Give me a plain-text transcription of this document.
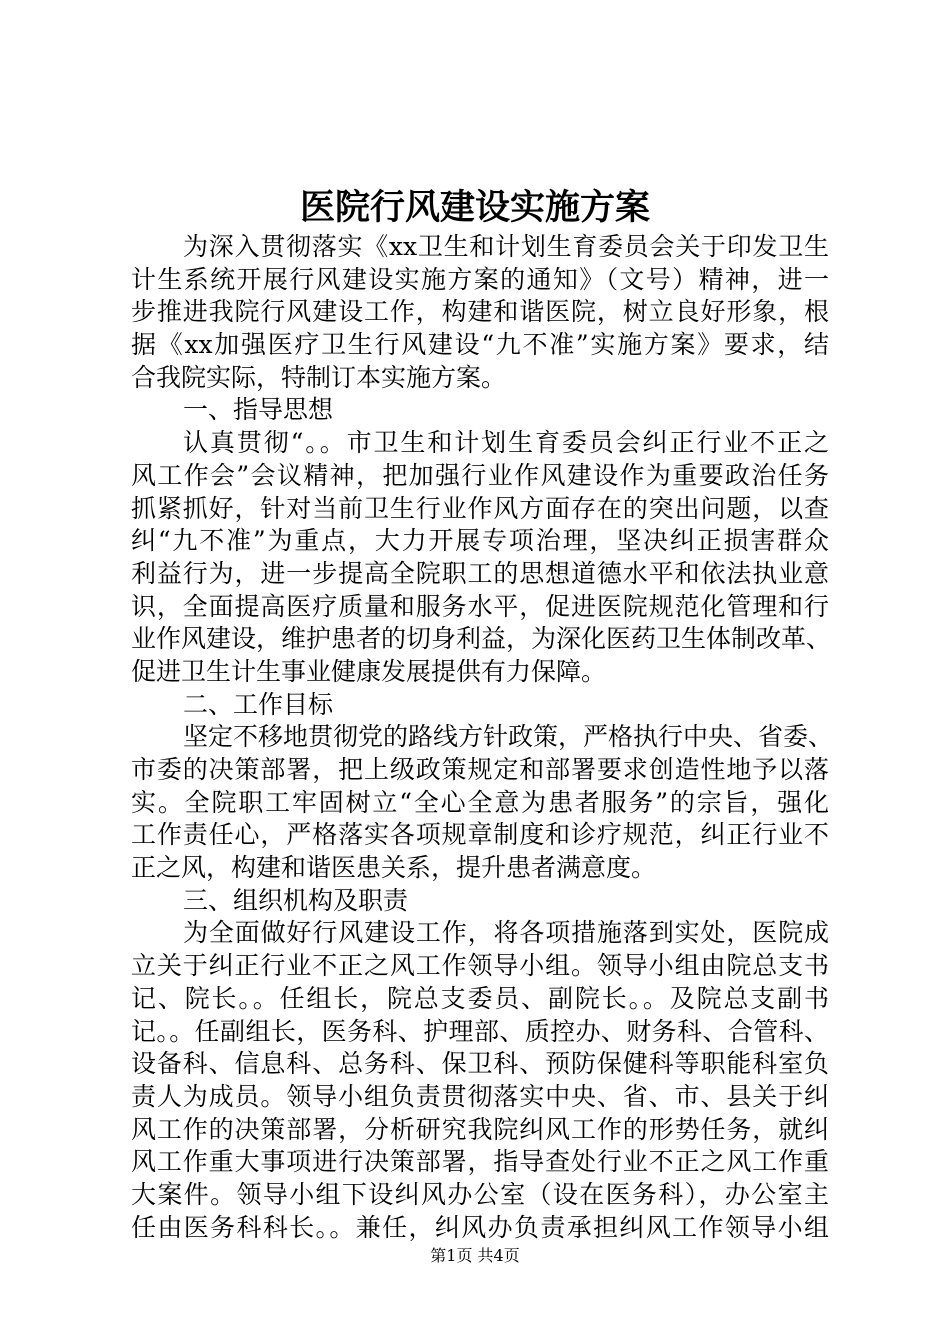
医院行风建设实施方案
为深入贯彻落实《xx卫生和计划生育委员会关于印发卫生
计生系统开展行风建设实施方案的通知》（文号）精神，进一
步推进我院行风建设工作，构建和谐医院，树立良好形象，根
据《xx加强医疗卫生行风建设“九不准”实施方案》要求，结
合我院实际，特制订本实施方案。
一、指导思想
认真贯彻“。。市卫生和计划生育委员会纠正行业不正之
风工作会”会议精神，把加强行业作风建设作为重要政治任务
抓紧抓好，针对当前卫生行业作风方面存在的突出问题，以查
纠“九不准”为重点，大力开展专项治理，坚决纠正损害群众
利益行为，进一步提高全院职工的思想道德水平和依法执业意
识，全面提高医疗质量和服务水平，促进医院规范化管理和行
业作风建设，维护患者的切身利益，为深化医药卫生体制改革、
促进卫生计生事业健康发展提供有力保障。
二、工作目标
坚定不移地贯彻党的路线方针政策，严格执行中央、省委、
市委的决策部署，把上级政策规定和部署要求创造性地予以落
实。全院职工牢固树立“全心全意为患者服务”的宗旨，强化
工作责任心，严格落实各项规章制度和诊疗规范，纠正行业不
正之风，构建和谐医患关系，提升患者满意度。
三、组织机构及职责
为全面做好行风建设工作，将各项措施落到实处，医院成
立关于纠正行业不正之风工作领导小组。领导小组由院总支书
记、院长。。任组长，院总支委员、副院长。。及院总支副书
记。。任副组长，医务科、护理部、质控办、财务科、合管科、
设备科、信息科、总务科、保卫科、预防保健科等职能科室负
责人为成员。领导小组负责贯彻落实中央、省、市、县关于纠
风工作的决策部署，分析研究我院纠风工作的形势任务，就纠
风工作重大事项进行决策部署，指导查处行业不正之风工作重
大案件。领导小组下设纠风办公室（设在医务科），办公室主
任由医务科科长。。兼任，纠风办负责承担纠风工作领导小组
第1页 共4页
